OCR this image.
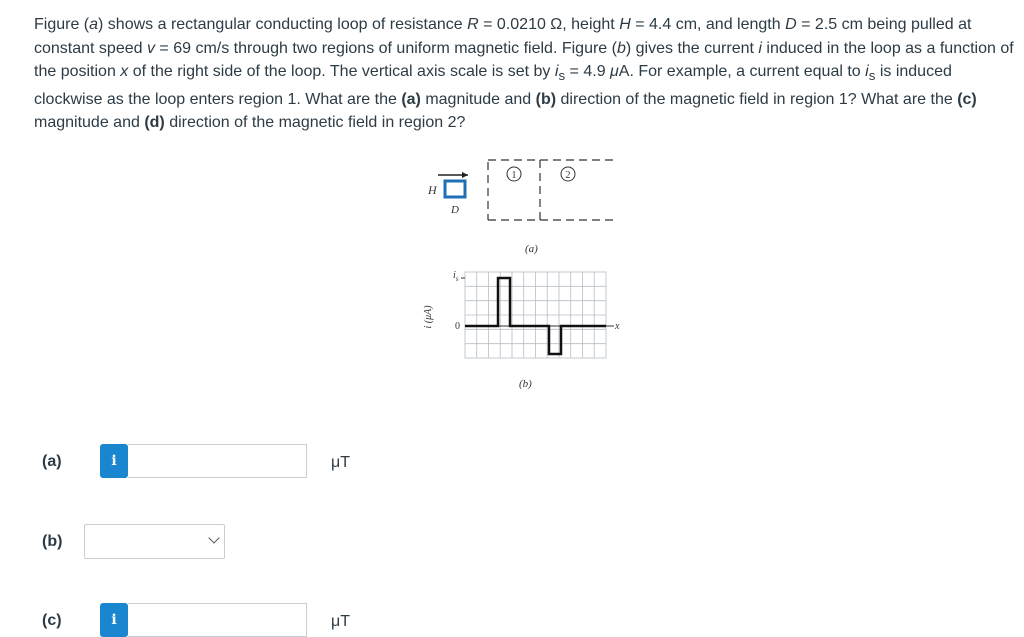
Figure (a) shows a rectangular conducting loop of resistance R = 0.0210 Ω, height H = 4.4 cm, and length D = 2.5 cm being pulled at constant speed v = 69 cm/s through two regions of uniform magnetic field. Figure (b) gives the current i induced in the loop as a function of the position x of the right side of the loop. The vertical axis scale is set by $i_s = 4.9$ μA. For example, a current equal to $i_s$ is induced clockwise as the loop enters region 1. What are the (a) magnitude and (b) direction of the magnetic field in region 1? What are the (c) magnitude and (d) direction of the magnetic field in region 2?

H
D
1	2
(a)
$i_s$
0	x
i (μA)
(b)
(a)	i	μT
(b)
(c)	i	μT
